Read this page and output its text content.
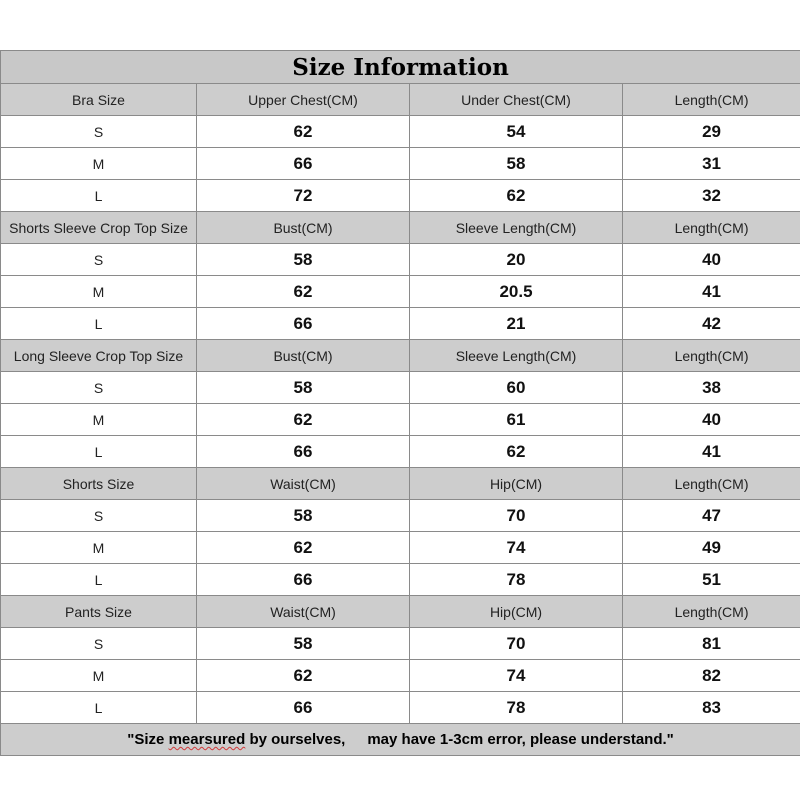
Size Information			
Bra Size	Upper Chest(CM)	Under Chest(CM)	Length(CM)
S	62	54	29
M	66	58	31
L	72	62	32
Shorts Sleeve Crop Top Size	Bust(CM)	Sleeve Length(CM)	Length(CM)
S	58	20	40
M	62	20.5	41
L	66	21	42
Long Sleeve Crop Top Size	Bust(CM)	Sleeve Length(CM)	Length(CM)
S	58	60	38
M	62	61	40
L	66	62	41
Shorts Size	Waist(CM)	Hip(CM)	Length(CM)
S	58	70	47
M	62	74	49
L	66	78	51
Pants Size	Waist(CM)	Hip(CM)	Length(CM)
S	58	70	81
M	62	74	82
L	66	78	83
"Size mearsured by ourselves, may have 1-3cm error, please understand."			
